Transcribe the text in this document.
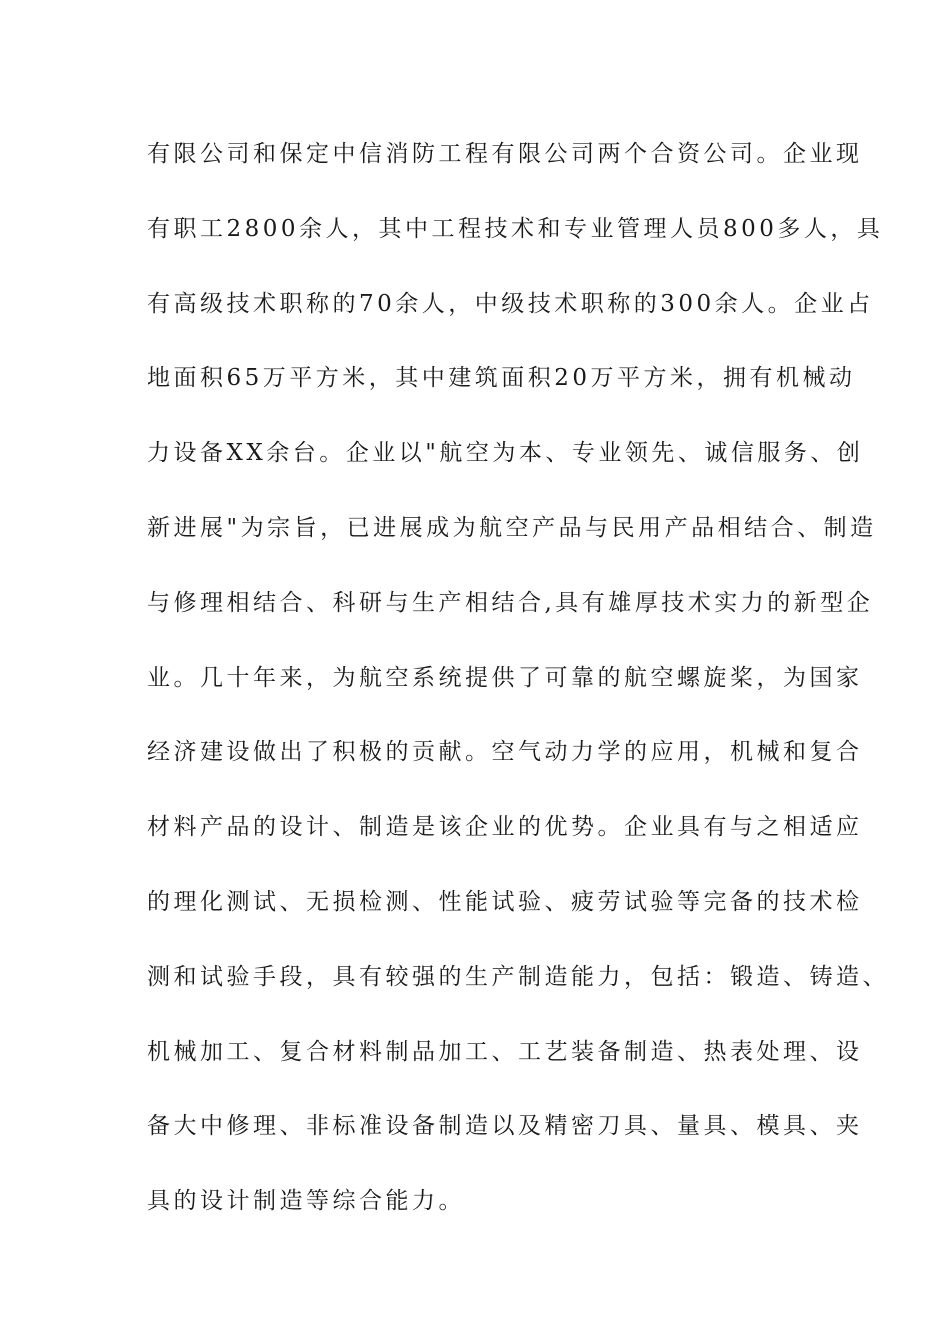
有限公司和保定中信消防工程有限公司两个合资公司。企业现
有职工2800余人，其中工程技术和专业管理人员800多人，具
有高级技术职称的70余人，中级技术职称的300余人。企业占
地面积65万平方米，其中建筑面积20万平方米，拥有机械动
力设备XX余台。企业以"航空为本、专业领先、诚信服务、创
新进展"为宗旨，已进展成为航空产品与民用产品相结合、制造
与修理相结合、科研与生产相结合,具有雄厚技术实力的新型企
业。几十年来，为航空系统提供了可靠的航空螺旋桨，为国家
经济建设做出了积极的贡献。空气动力学的应用，机械和复合
材料产品的设计、制造是该企业的优势。企业具有与之相适应
的理化测试、无损检测、性能试验、疲劳试验等完备的技术检
测和试验手段，具有较强的生产制造能力，包括：锻造、铸造、
机械加工、复合材料制品加工、工艺装备制造、热表处理、设
备大中修理、非标准设备制造以及精密刀具、量具、模具、夹
具的设计制造等综合能力。
